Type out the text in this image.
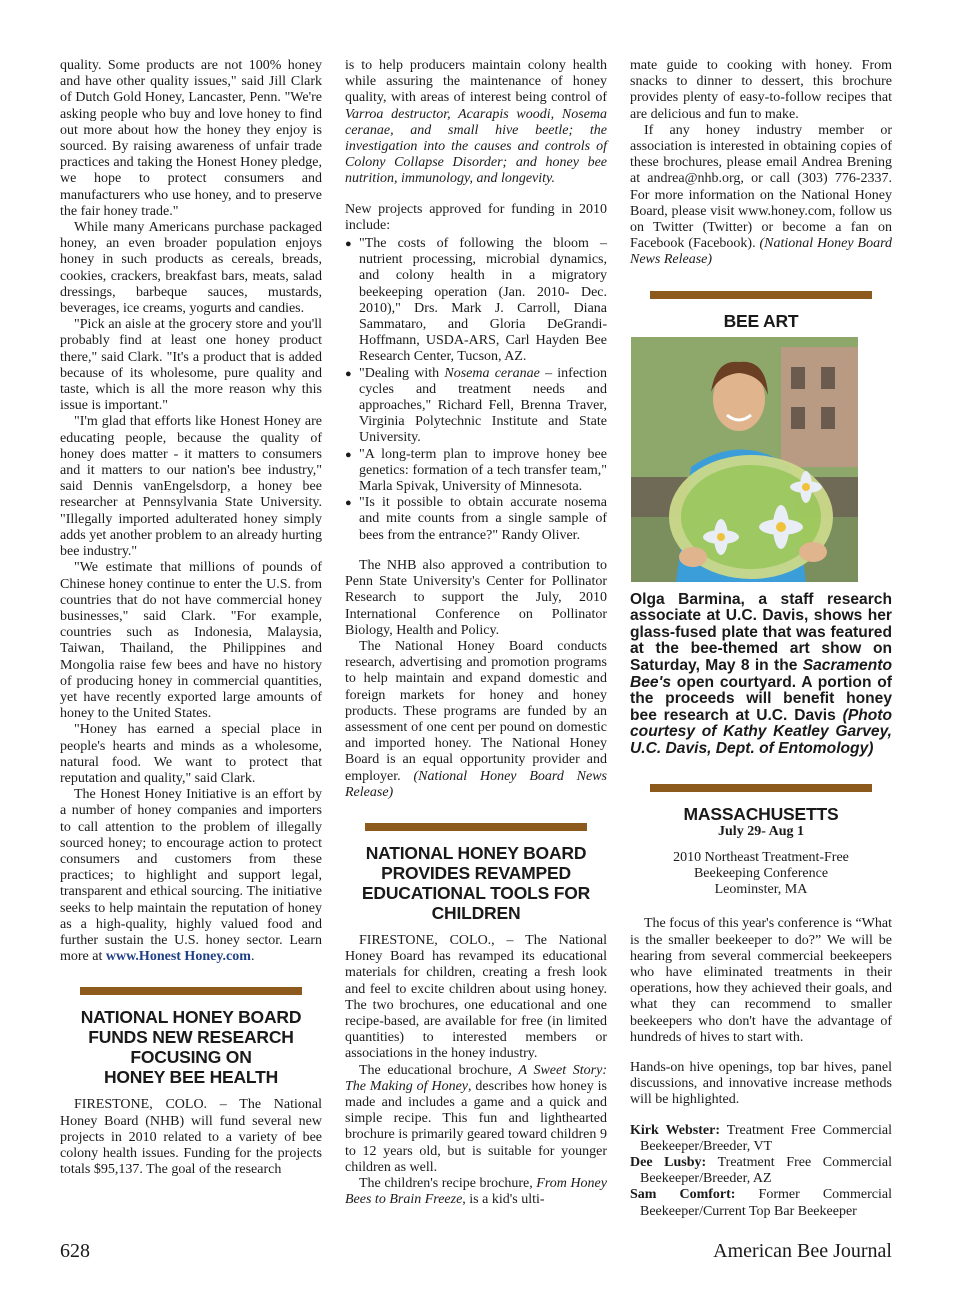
quality. Some products are not 100% honey and have other quality issues," said Jill Clark of Dutch Gold Honey, Lancaster, Penn. "We're asking people who buy and love honey to find out more about how the honey they enjoy is sourced. By raising awareness of unfair trade practices and taking the Honest Honey pledge, we hope to protect consumers and manufacturers who use honey, and to preserve the fair honey trade."

While many Americans purchase packaged honey, an even broader population enjoys honey in such products as cereals, breads, cookies, crackers, breakfast bars, meats, salad dressings, barbeque sauces, mustards, beverages, ice creams, yogurts and candies.

"Pick an aisle at the grocery store and you'll probably find at least one honey product there," said Clark. "It's a product that is added because of its wholesome, pure quality and taste, which is all the more reason why this issue is important."

"I'm glad that efforts like Honest Honey are educating people, because the quality of honey does matter - it matters to consumers and it matters to our nation's bee industry," said Dennis vanEngelsdorp, a honey bee researcher at Pennsylvania State University. "Illegally imported adulterated honey simply adds yet another problem to an already hurting bee industry."

"We estimate that millions of pounds of Chinese honey continue to enter the U.S. from countries that do not have commercial honey businesses," said Clark. "For example, countries such as Indonesia, Malaysia, Taiwan, Thailand, the Philippines and Mongolia raise few bees and have no history of producing honey in commercial quantities, yet have recently exported large amounts of honey to the United States.

"Honey has earned a special place in people's hearts and minds as a wholesome, natural food. We want to protect that reputation and quality," said Clark.

The Honest Honey Initiative is an effort by a number of honey companies and importers to call attention to the problem of illegally sourced honey; to encourage action to protect consumers and customers from these practices; to highlight and support legal, transparent and ethical sourcing. The initiative seeks to help maintain the reputation of honey as a high-quality, highly valued food and further sustain the U.S. honey sector. Learn more at www.Honest Honey.com.

NATIONAL HONEY BOARD
FUNDS NEW RESEARCH
FOCUSING ON
HONEY BEE HEALTH

FIRESTONE, COLO. – The National Honey Board (NHB) will fund several new projects in 2010 related to a variety of bee colony health issues. Funding for the projects totals $95,137. The goal of the research

is to help producers maintain colony health while assuring the maintenance of honey quality, with areas of interest being control of Varroa destructor, Acarapis woodi, Nosema ceranae, and small hive beetle; the investigation into the causes and controls of Colony Collapse Disorder; and honey bee nutrition, immunology, and longevity.

New projects approved for funding in 2010 include:

● "The costs of following the bloom – nutrient processing, microbial dynamics, and colony health in a migratory beekeeping operation (Jan. 2010- Dec. 2010)," Drs. Mark J. Carroll, Diana Sammataro, and Gloria DeGrandi-Hoffmann, USDA-ARS, Carl Hayden Bee Research Center, Tucson, AZ.
● "Dealing with Nosema ceranae – infection cycles and treatment needs and approaches," Richard Fell, Brenna Traver, Virginia Polytechnic Institute and State University.
● "A long-term plan to improve honey bee genetics: formation of a tech transfer team," Marla Spivak, University of Minnesota.
● "Is it possible to obtain accurate nosema and mite counts from a single sample of bees from the entrance?" Randy Oliver.

The NHB also approved a contribution to Penn State University's Center for Pollinator Research to support the July, 2010 International Conference on Pollinator Biology, Health and Policy.

The National Honey Board conducts research, advertising and promotion programs to help maintain and expand domestic and foreign markets for honey and honey products. These programs are funded by an assessment of one cent per pound on domestic and imported honey. The National Honey Board is an equal opportunity provider and employer. (National Honey Board News Release)

NATIONAL HONEY BOARD
PROVIDES REVAMPED
EDUCATIONAL TOOLS FOR
CHILDREN

FIRESTONE, COLO., – The National Honey Board has revamped its educational materials for children, creating a fresh look and feel to excite children about using honey. The two brochures, one educational and one recipe-based, are available for free (in limited quantities) to interested members or associations in the honey industry.

The educational brochure, A Sweet Story: The Making of Honey, describes how honey is made and includes a game and a quick and simple recipe. This fun and lighthearted brochure is primarily geared toward children 9 to 12 years old, but is suitable for younger children as well.

The children's recipe brochure, From Honey Bees to Brain Freeze, is a kid's ulti-

mate guide to cooking with honey. From snacks to dinner to dessert, this brochure provides plenty of easy-to-follow recipes that are delicious and fun to make.

If any honey industry member or association is interested in obtaining copies of these brochures, please email Andrea Brening at andrea@nhb.org, or call (303) 776-2337. For more information on the National Honey Board, please visit www.honey.com, follow us on Twitter (Twitter) or become a fan on Facebook (Facebook). (National Honey Board News Release)

BEE ART
Olga Barmina, a staff research associate at U.C. Davis, shows her glass-fused plate that was featured at the bee-themed art show on Saturday, May 8 in the Sacramento Bee's open courtyard. A portion of the proceeds will benefit honey bee research at U.C. Davis (Photo courtesy of Kathy Keatley Garvey, U.C. Davis, Dept. of Entomology)
MASSACHUSETTS

July 29- Aug 1

2010 Northeast Treatment-Free
Beekeeping Conference
Leominster, MA

The focus of this year's conference is “What is the smaller beekeeper to do?” We will be hearing from several commercial beekeepers who have eliminated treatments in their operations, how they achieved their goals, and what they can recommend to smaller beekeepers who don't have the advantage of hundreds of hives to start with.

Hands-on hive openings, top bar hives, panel discussions, and innovative increase methods will be highlighted.

Kirk Webster: Treatment Free Commercial Beekeeper/Breeder, VT

Dee Lusby: Treatment Free Commercial Beekeeper/Breeder, AZ

Sam Comfort: Former Commercial Beekeeper/Current Top Bar Beekeeper

628	American Bee Journal
